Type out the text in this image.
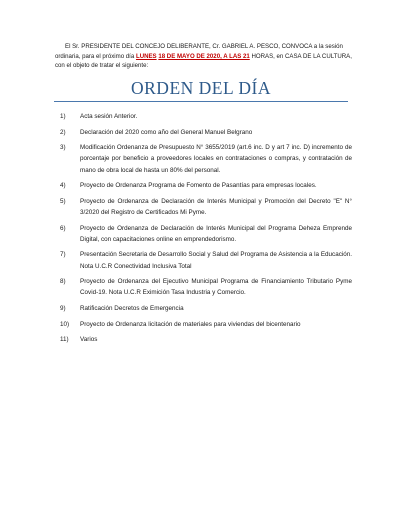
El Sr. PRESIDENTE DEL CONCEJO DELIBERANTE, Cr. GABRIEL A. PESCO, CONVOCA a la sesión ordinaria, para el próximo día LUNES 18 DE MAYO DE 2020, A LAS 21 HORAS, en CASA DE LA CULTURA, con el objeto de tratar el siguiente:

ORDEN DEL DÍA
1) Acta sesión Anterior.
2) Declaración del 2020 como año del General Manuel Belgrano
3) Modificación Ordenanza de Presupuesto N° 3655/2019 (art.6 inc. D y art 7 inc. D) incremento de porcentaje por beneficio a proveedores locales en contrataciones o compras, y contratación de mano de obra local de hasta un 80% del personal.
4) Proyecto de Ordenanza Programa de Fomento de Pasantías para empresas locales.
5) Proyecto de Ordenanza de Declaración de Interés Municipal y Promoción del Decreto "E" N° 3/2020 del Registro de Certificados Mi Pyme.
6) Proyecto de Ordenanza de Declaración de Interés Municipal del Programa Deheza Emprende Digital, con capacitaciones online en emprendedorismo.
7) Presentación Secretaria de Desarrollo Social y Salud del Programa de Asistencia a la Educación. Nota U.C.R Conectividad Inclusiva Total
8) Proyecto de Ordenanza del Ejecutivo Municipal Programa de Financiamiento Tributario Pyme Covid-19. Nota U.C.R Eximición Tasa Industria y Comercio.
9) Ratificación Decretos de Emergencia
10) Proyecto de Ordenanza licitación de materiales para viviendas del bicentenario
11) Varios
